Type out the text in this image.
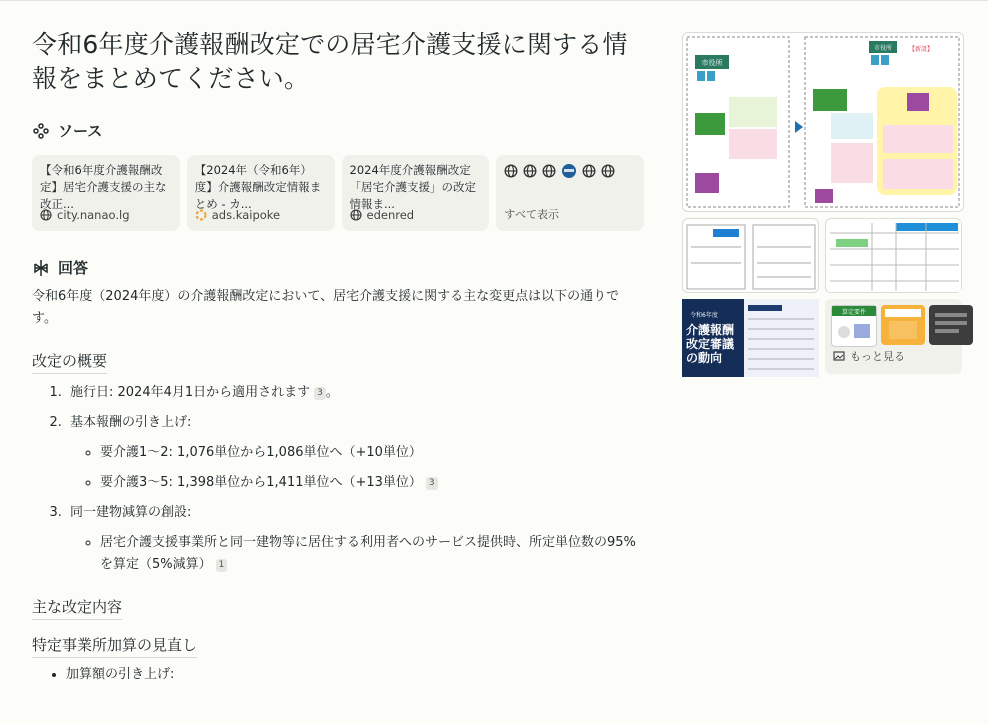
令和6年度介護報酬改定での居宅介護支援に関する情報をまとめてください。
ソース
【令和6年度介護報酬改定】居宅介護支援の主な改正...
city.nanao.lg
【2024年（令和6年）度】介護報酬改定情報まとめ - カ...
ads.kaipoke
2024年度介護報酬改定「居宅介護支援」の改定情報ま...
edenred	すべて表示
回答
令和6年度（2024年度）の介護報酬改定において、居宅介護支援に関する主な変更点は以下の通りです。
改定の概要
1. 施行日: 2024年4月1日から適用されます 3 。
2. 基本報酬の引き上げ:
◦ 要介護1〜2: 1,076単位から1,086単位へ（+10単位）
◦ 要介護3〜5: 1,398単位から1,411単位へ（+13単位） 3
3. 同一建物減算の創設:
◦ 居宅介護支援事業所と同一建物等に居住する利用者へのサービス提供時、所定単位数の95%を算定（5%減算） 1
主な改定内容
特定事業所加算の見直し
• 加算額の引き上げ:
市役所
市役所	【新設】
令和6年度
介護報酬改定審議の動向
算定要件
もっと見る
